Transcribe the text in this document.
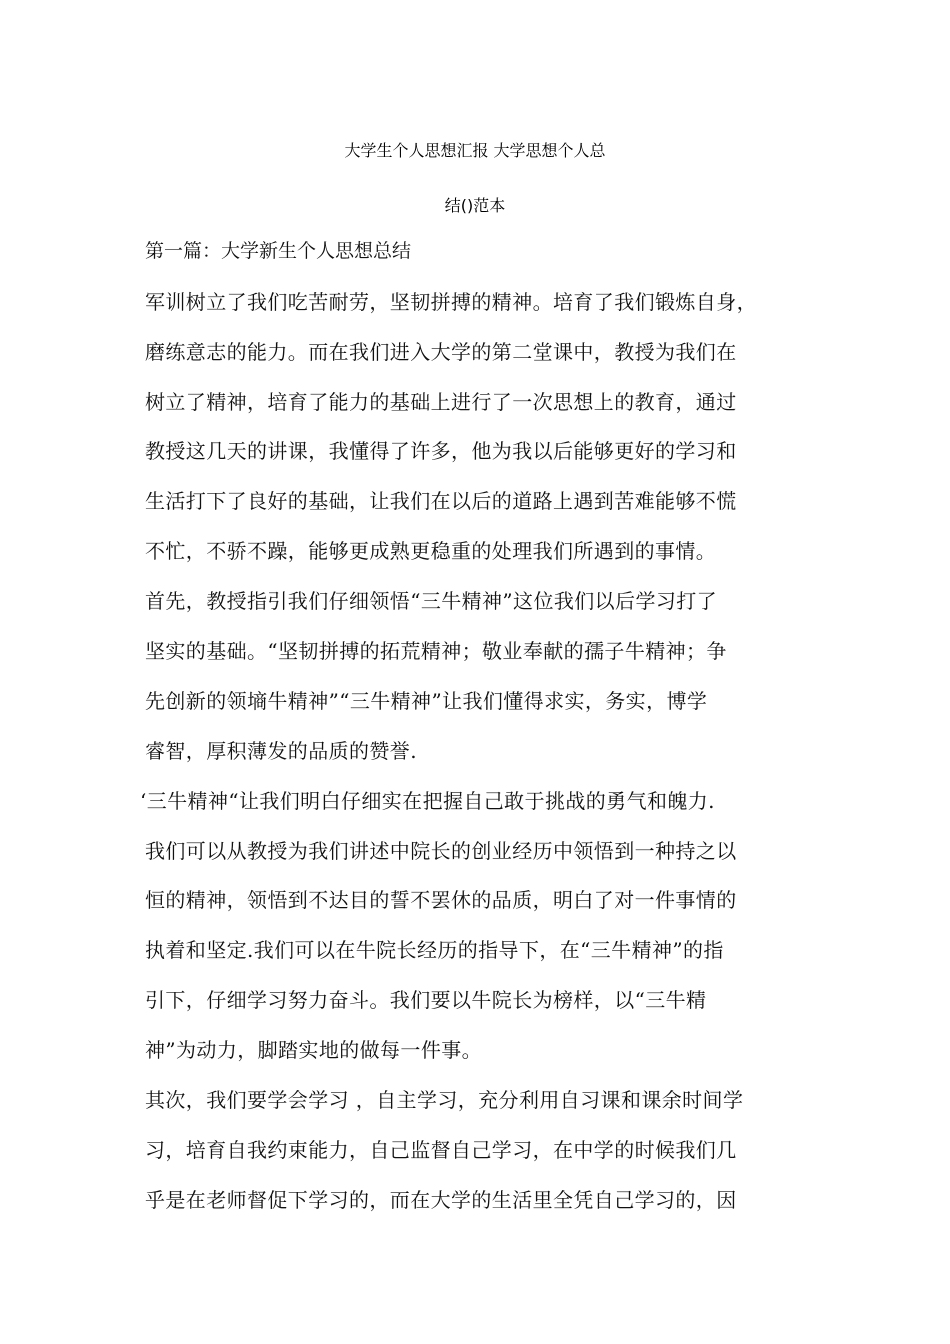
大学生个人思想汇报 大学思想个人总
结()范本
第一篇：大学新生个人思想总结
军训树立了我们吃苦耐劳，坚韧拼搏的精神。培育了我们锻炼自身，
磨练意志的能力。而在我们进入大学的第二堂课中，教授为我们在
树立了精神，培育了能力的基础上进行了一次思想上的教育，通过
教授这几天的讲课，我懂得了许多，他为我以后能够更好的学习和
生活打下了良好的基础，让我们在以后的道路上遇到苦难能够不慌
不忙，不骄不躁，能够更成熟更稳重的处理我们所遇到的事情。
首先，教授指引我们仔细领悟“三牛精神”这位我们以后学习打了
坚实的基础。“坚韧拼搏的拓荒精神；敬业奉献的孺子牛精神；争
先创新的领墒牛精神”“三牛精神”让我们懂得求实，务实，博学
睿智，厚积薄发的品质的赞誉.
‘三牛精神“让我们明白仔细实在把握自己敢于挑战的勇气和魄力.
我们可以从教授为我们讲述中院长的创业经历中领悟到一种持之以
恒的精神，领悟到不达目的誓不罢休的品质，明白了对一件事情的
执着和坚定.我们可以在牛院长经历的指导下，在“三牛精神”的指
引下，仔细学习努力奋斗。我们要以牛院长为榜样，以“三牛精
神”为动力，脚踏实地的做每一件事。
其次，我们要学会学习 ，自主学习，充分利用自习课和课余时间学
习，培育自我约束能力，自己监督自己学习，在中学的时候我们几
乎是在老师督促下学习的，而在大学的生活里全凭自己学习的，因
